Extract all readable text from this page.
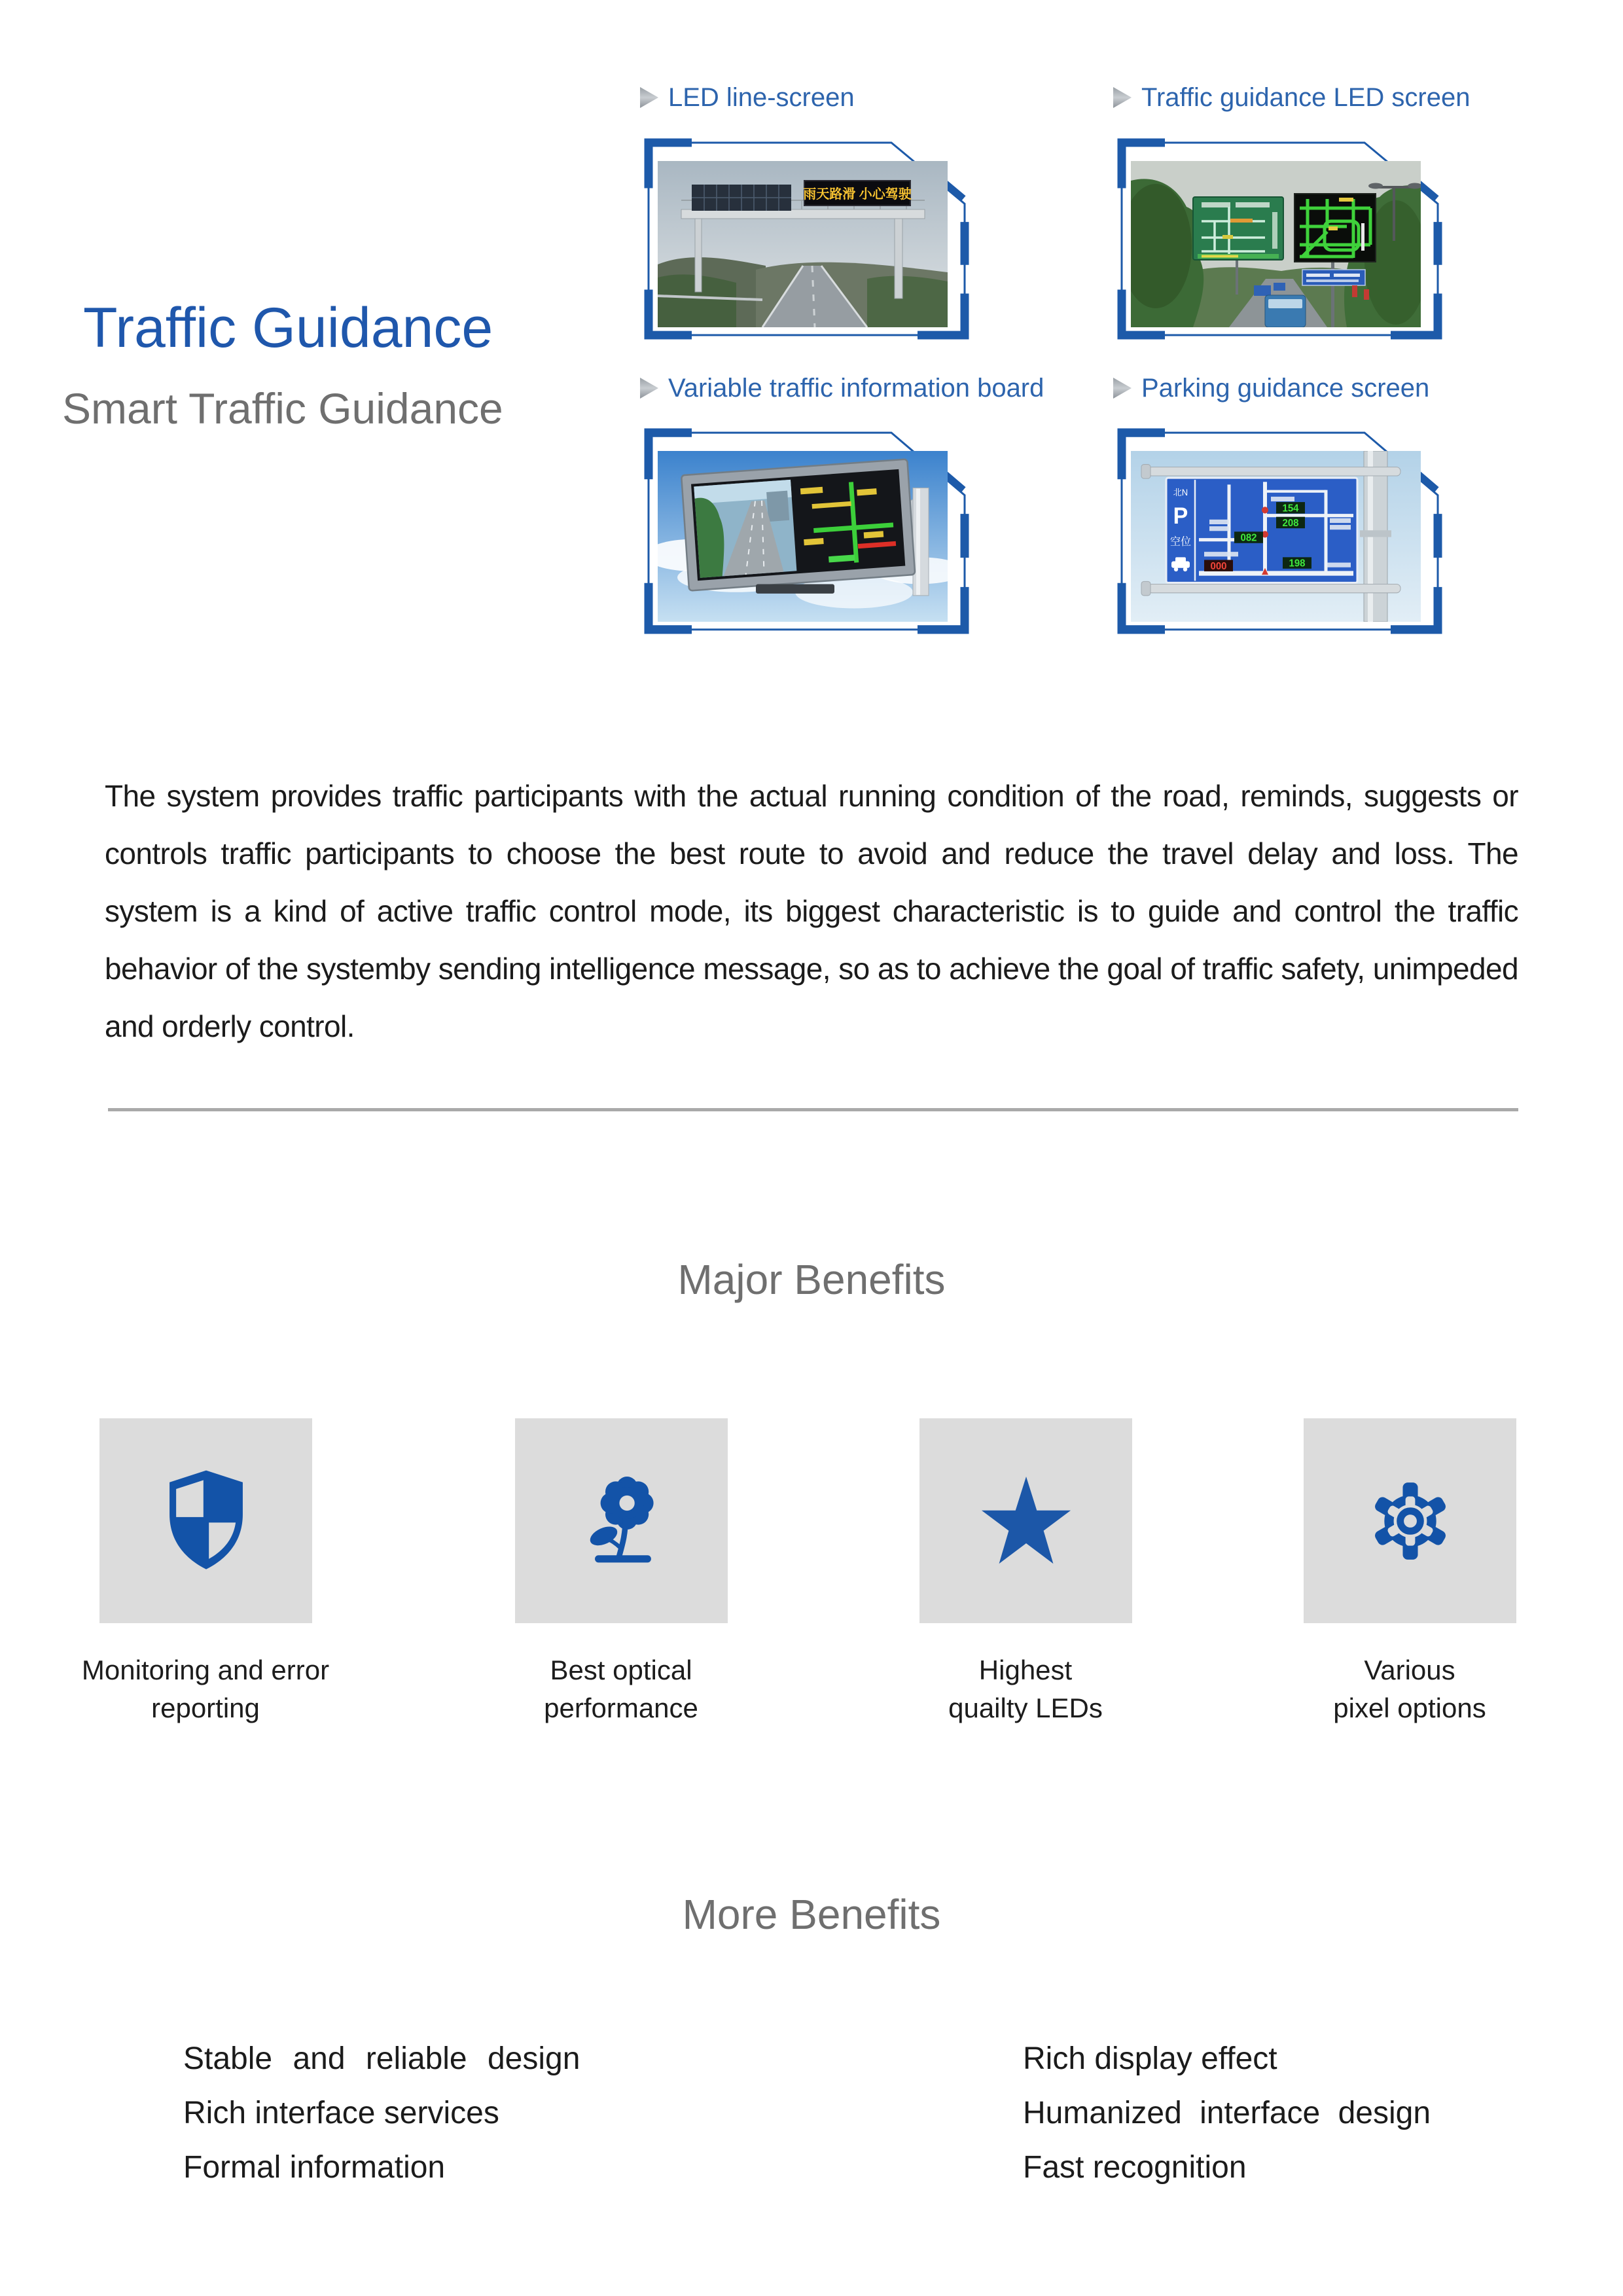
Traffic Guidance
Smart Traffic Guidance
LED line-screen
雨天路滑 小心驾驶
Traffic guidance LED screen
Variable traffic information board	Parking guidance screen
北N
P
空位
154
208
082
198
000

The system provides traffic participants with the actual running condition of the road, reminds, suggests or controls traffic participants to choose the best route to avoid and reduce the travel delay and loss. The system is a kind of active traffic control mode, its biggest characteristic is to guide and control the traffic behavior of the systemby sending intelligence message, so as to achieve the goal of traffic safety, unimpeded and orderly control.

Major Benefits
Monitoring and error
reporting
Best optical
performance
Highest
quailty LEDs
Various
pixel options
More Benefits
Stable and reliable design
Rich interface services
Formal information
Rich display effect
Humanized interface design
Fast recognition
